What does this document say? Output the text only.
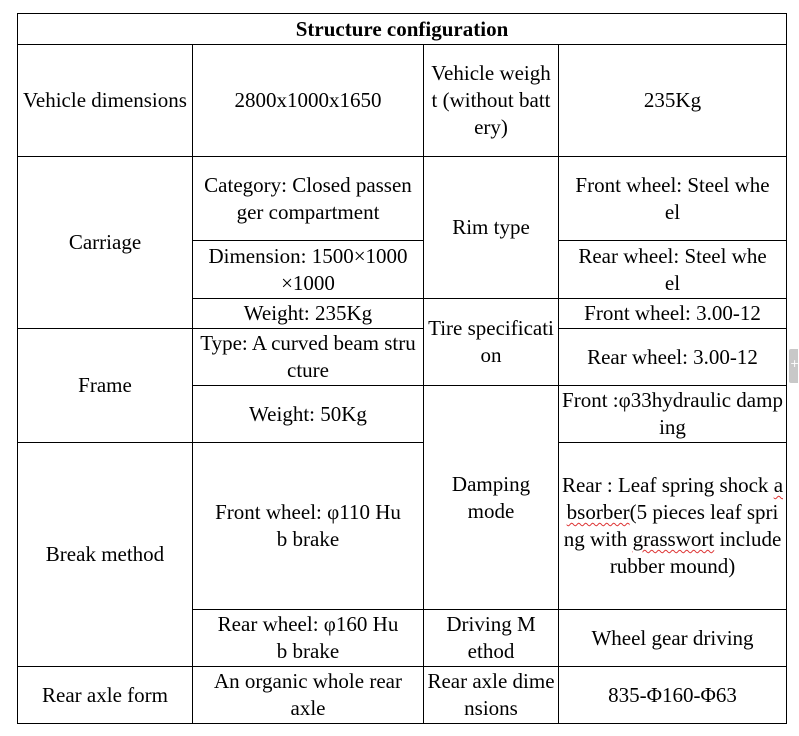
Structure configuration			
Vehicle dimensions	2800x1000x1650	Vehicle weight (without battery)	235Kg
Carriage	Category: Closed passenger compartment	Rim type	Front wheel: Steel wheel
	Dimension: 1500×1000×1000		Rear wheel: Steel wheel
	Weight: 235Kg	Tire specification	Front wheel: 3.00-12
Frame	Type: A curved beam structure		Rear wheel: 3.00-12
	Weight: 50Kg	Damping mode	Front :φ33hydraulic damping
Break method	Front wheel: φ110 Hub brake		Rear : Leaf spring shock absorber(5 pieces leaf spring with grasswort include rubber mound)
	Rear wheel: φ160 Hub brake	Driving Method	Wheel gear driving
Rear axle form	An organic whole rear axle	Rear axle dimensions	835-Φ160-Φ63
+
